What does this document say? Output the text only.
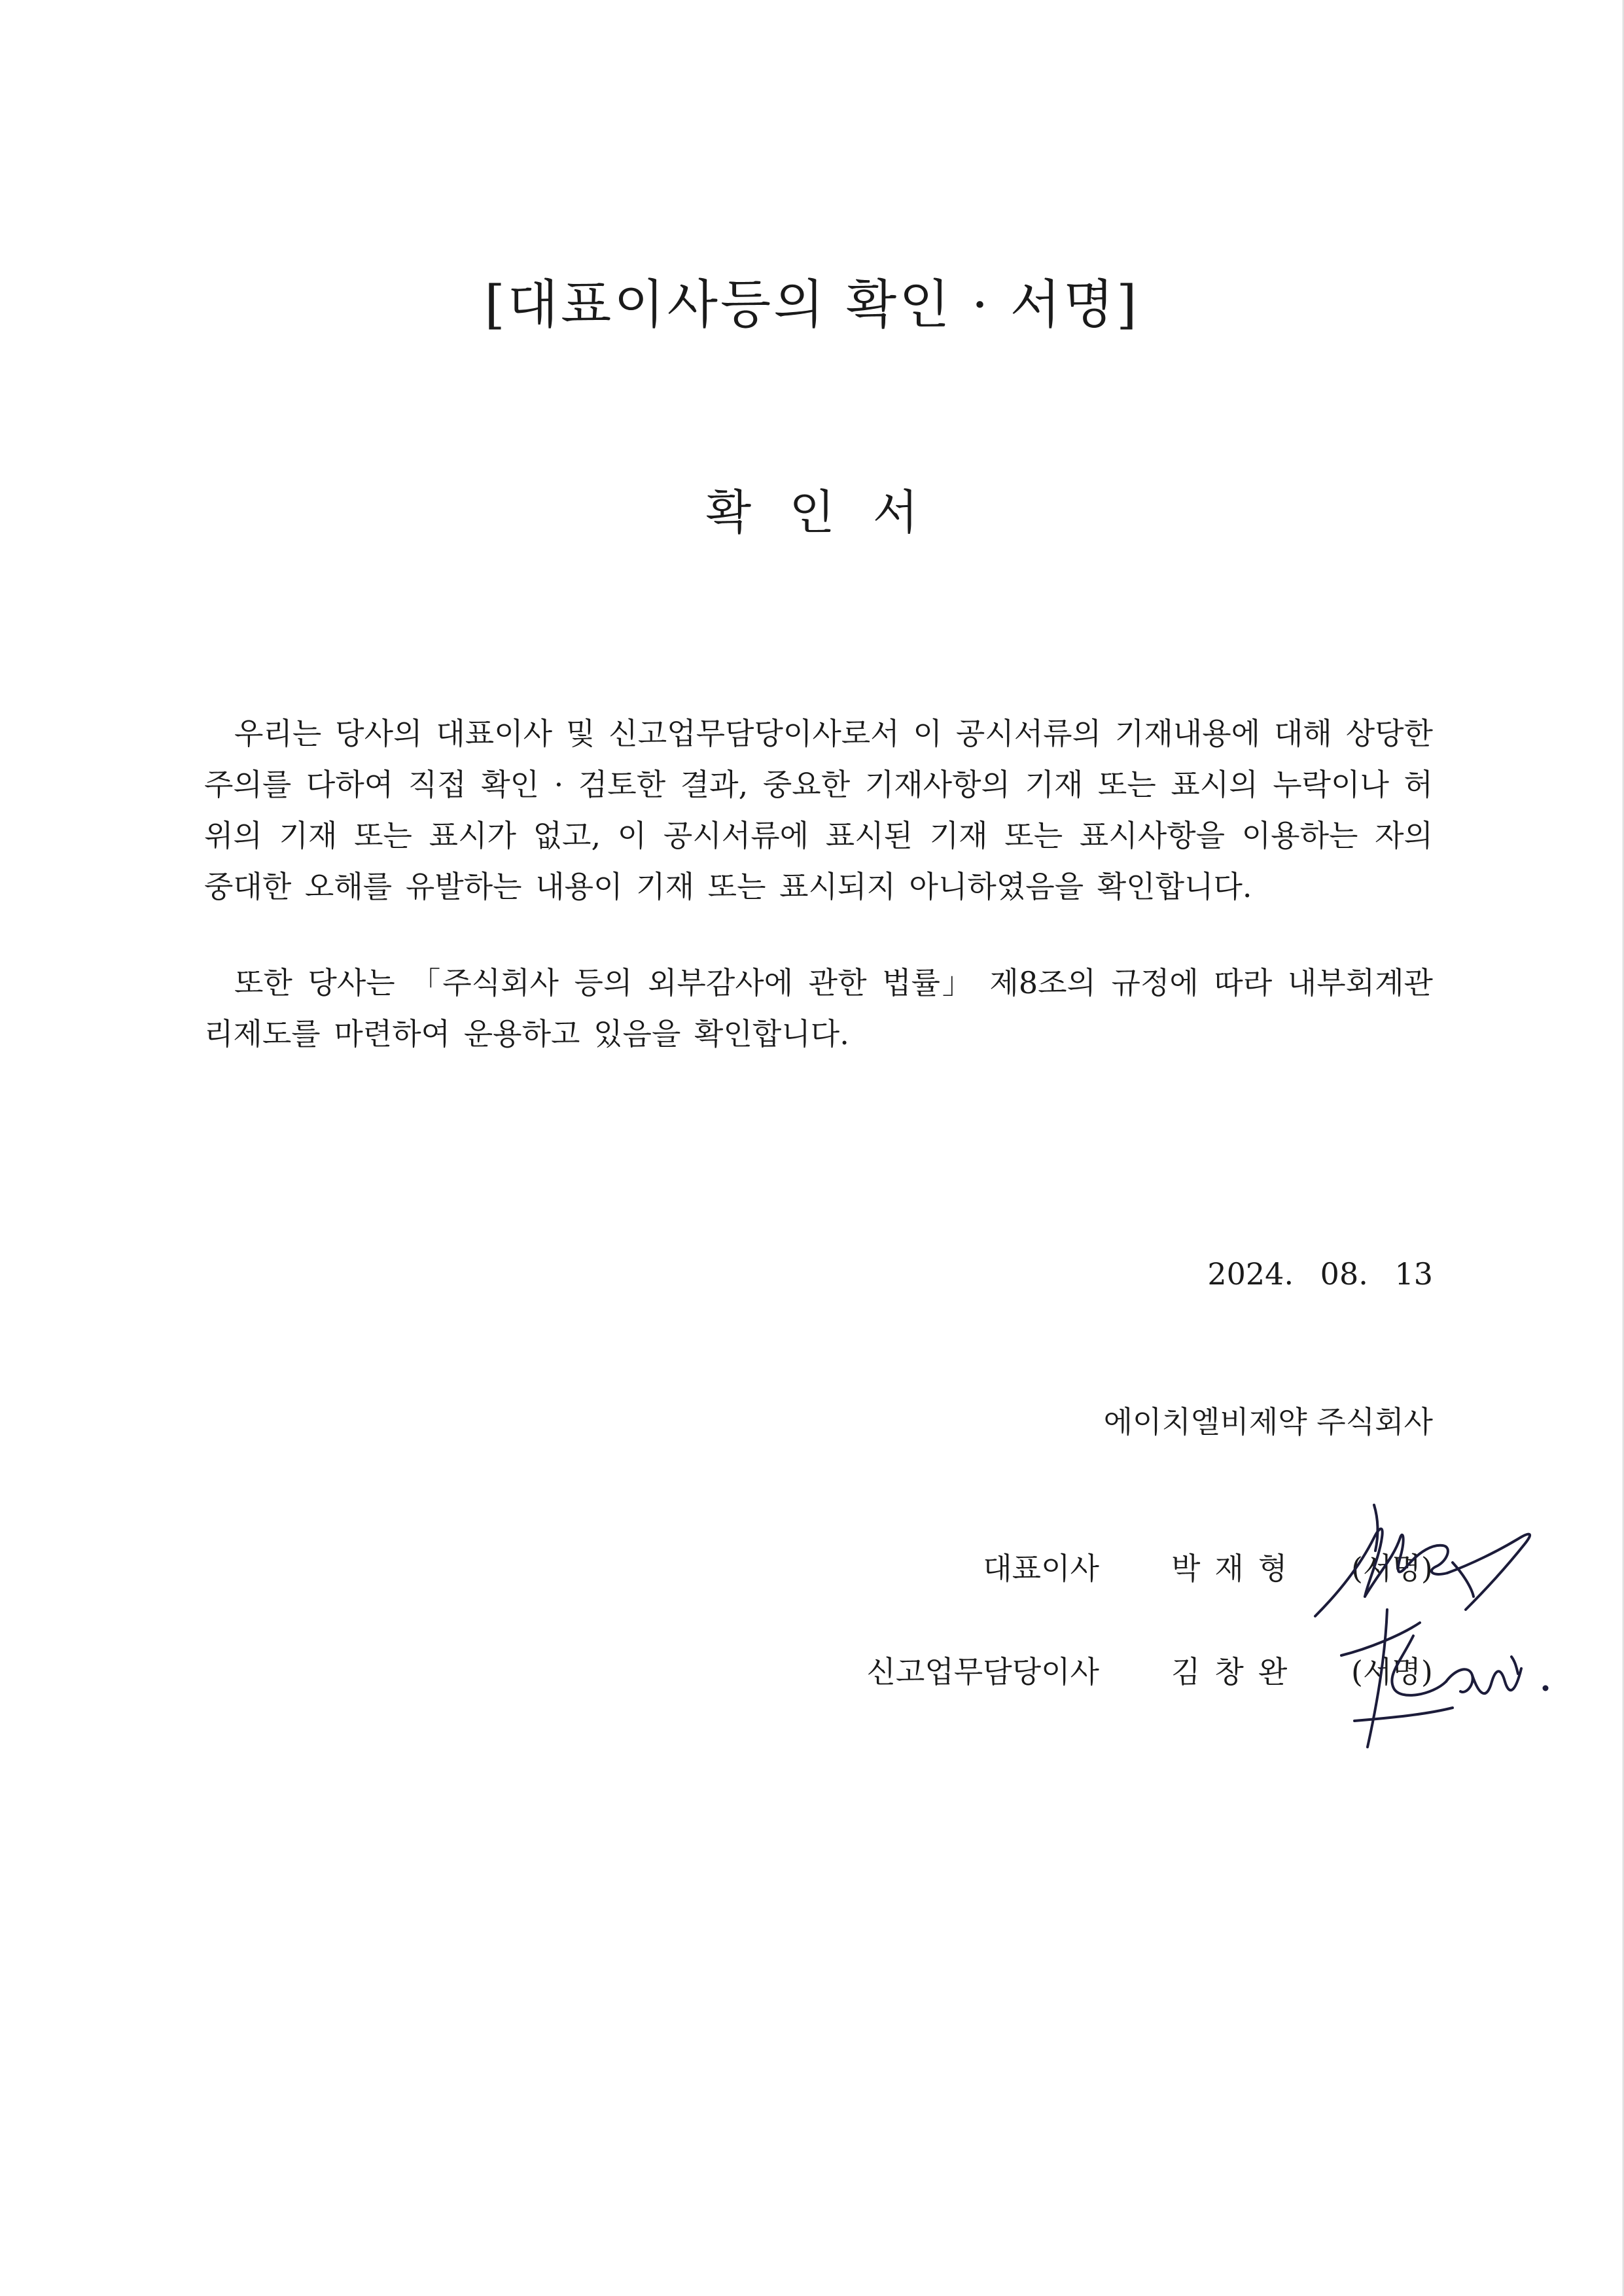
[대표이사등의 확인 · 서명]
확인서
우리는 당사의 대표이사 및 신고업무담당이사로서 이 공시서류의 기재내용에 대해 상당한 주의를 다하여 직접 확인 · 검토한 결과, 중요한 기재사항의 기재 또는 표시의 누락이나 허위의 기재 또는 표시가 없고, 이 공시서류에 표시된 기재 또는 표시사항을 이용하는 자의 중대한 오해를 유발하는 내용이 기재 또는 표시되지 아니하였음을 확인합니다.
또한 당사는 「주식회사 등의 외부감사에 관한 법률」 제8조의 규정에 따라 내부회계관리제도를 마련하여 운용하고 있음을 확인합니다.
2024. 08. 13
에이치엘비제약 주식회사
대표이사 박재형 (서명)
신고업무담당이사 김창완 (서명)
